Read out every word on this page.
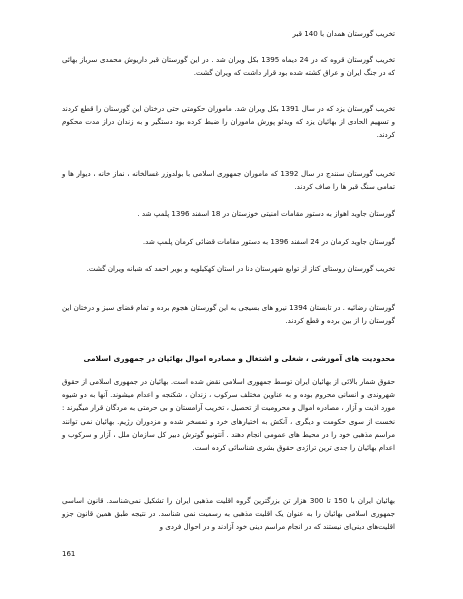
تخریب گورستان همدان با 140 قبر

تخریب گورستان قروه که در 24 دیماه 1395 بکل ویران شد . در این گورستان قبر داریوش محمدی سرباز بهائی که در جنگ ایران و عراق کشته شده بود قرار داشت که ویران گشت.

تخریب گورستان یزد که در سال 1391 بکل ویران شد. ماموران حکومتی حتی درختان این گورستان را قطع کردند و تسهیم الحادی از بهائیان یزد که ویدئو پورش ماموران را ضبط کرده بود دستگیر و به زندان دراز مدت محکوم کردند.

تخریب گورستان سنندج در سال 1392 که ماموران جمهوری اسلامی با بولدوزر غسالخانه ، نماز خانه ، دیوار ها و تمامی سنگ قبر ها را صاف کردند.

گورستان جاوید اهواز به دستور مقامات امنیتی خوزستان در 18 اسفند 1396 پلمپ شد .

گورستان جاوید کرمان در 24 اسفند 1396 به دستور مقامات قضائی کرمان پلمپ شد.

تخریب گورستان روستای کتاز از توابع شهرستان دنا در استان کهکیلویه و بویر احمد که شبانه ویران گشت.

گورستان رضائیه . در تابستان 1394 نیرو های بسیجی به این گورستان هجوم برده و تمام فضای سبز و درختان این گورستان را از بین برده و قطع کردند.

محدودیت های آموزشی ، شغلی و اشتغال و مصادره اموال بهائیان در جمهوری اسلامی

حقوق شمار بالائی از بهائیان ایران توسط جمهوری اسلامی نقض شده است. بهائیان در جمهوری اسلامی از حقوق شهروندی و انسانی محروم بوده و به عناوین مختلف سرکوب ، زندان ، شکنجه و اعدام میشوند. آنها به دو شیوه مورد اذیت و آزار ، مصادره اموال و محرومیت از تحصیل ، تخریب آرامستان و بی حرمتی به مردگان قرار میگیرند : نخست از سوی حکومت و دیگری ، آنکش به اختیارهای خرد و تمسخر شده و مزدوران رژیم. بهائیان نمی توانند مراسم مذهبی خود را در محیط های عمومی انجام دهند . آنتونیو گوترش دبیر کل سازمان ملل ، آزار و سرکوب و اعدام بهائیان را جدی ترین تراژدی حقوق بشری شناسائی کرده است.

بهائیان ایران با 150 تا 300 هزار تن بزرگترین گروه اقلیت مذهبی ایران را تشکیل نمی‌شناسد. قانون اساسی جمهوری اسلامی بهائیان را به عنوان یک اقلیت مذهبی به رسمیت نمی شناسد. در نتیجه طبق همین قانون جزو اقلیت‌های دینی‌ای نیستند که در انجام مراسم دینی خود آزادند و در احوال فردی و

161
